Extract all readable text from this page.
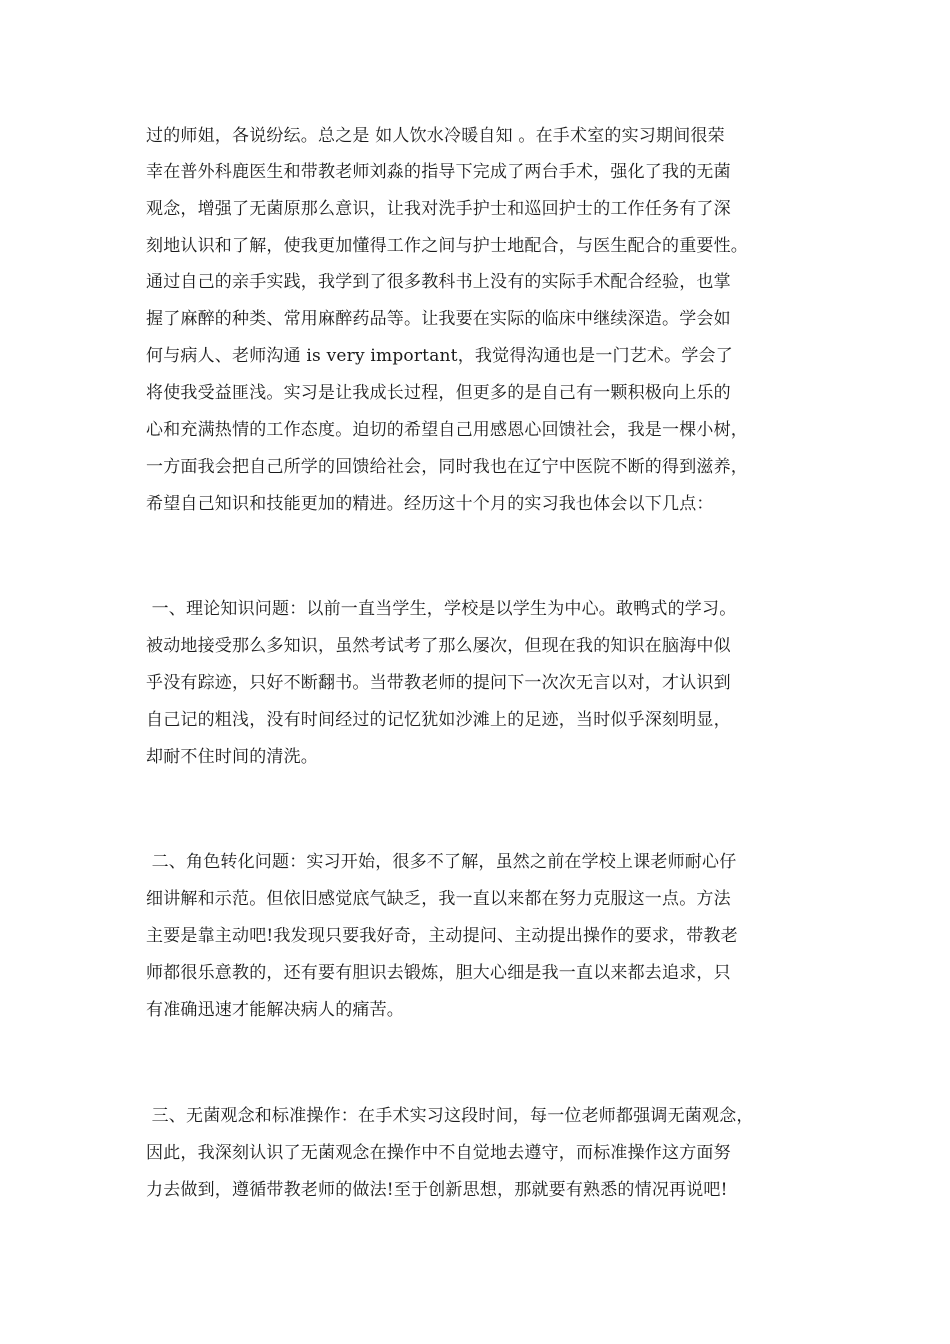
过的师姐，各说纷纭。总之是 如人饮水冷暖自知 。在手术室的实习期间很荣
幸在普外科鹿医生和带教老师刘淼的指导下完成了两台手术，强化了我的无菌
观念，增强了无菌原那么意识，让我对洗手护士和巡回护士的工作任务有了深
刻地认识和了解，使我更加懂得工作之间与护士地配合，与医生配合的重要性。
通过自己的亲手实践，我学到了很多教科书上没有的实际手术配合经验，也掌
握了麻醉的种类、常用麻醉药品等。让我要在实际的临床中继续深造。学会如
何与病人、老师沟通 is very important，我觉得沟通也是一门艺术。学会了
将使我受益匪浅。实习是让我成长过程，但更多的是自己有一颗积极向上乐的
心和充满热情的工作态度。迫切的希望自己用感恩心回馈社会，我是一棵小树，
一方面我会把自己所学的回馈给社会，同时我也在辽宁中医院不断的得到滋养，
希望自己知识和技能更加的精进。经历这十个月的实习我也体会以下几点：
一、理论知识问题：以前一直当学生，学校是以学生为中心。敢鸭式的学习。
被动地接受那么多知识，虽然考试考了那么屡次，但现在我的知识在脑海中似
乎没有踪迹，只好不断翻书。当带教老师的提问下一次次无言以对，才认识到
自己记的粗浅，没有时间经过的记忆犹如沙滩上的足迹，当时似乎深刻明显，
却耐不住时间的清洗。
二、角色转化问题：实习开始，很多不了解，虽然之前在学校上课老师耐心仔
细讲解和示范。但依旧感觉底气缺乏，我一直以来都在努力克服这一点。方法
主要是靠主动吧!我发现只要我好奇，主动提问、主动提出操作的要求，带教老
师都很乐意教的，还有要有胆识去锻炼，胆大心细是我一直以来都去追求，只
有准确迅速才能解决病人的痛苦。
三、无菌观念和标准操作：在手术实习这段时间，每一位老师都强调无菌观念，
因此，我深刻认识了无菌观念在操作中不自觉地去遵守，而标准操作这方面努
力去做到，遵循带教老师的做法!至于创新思想，那就要有熟悉的情况再说吧!
